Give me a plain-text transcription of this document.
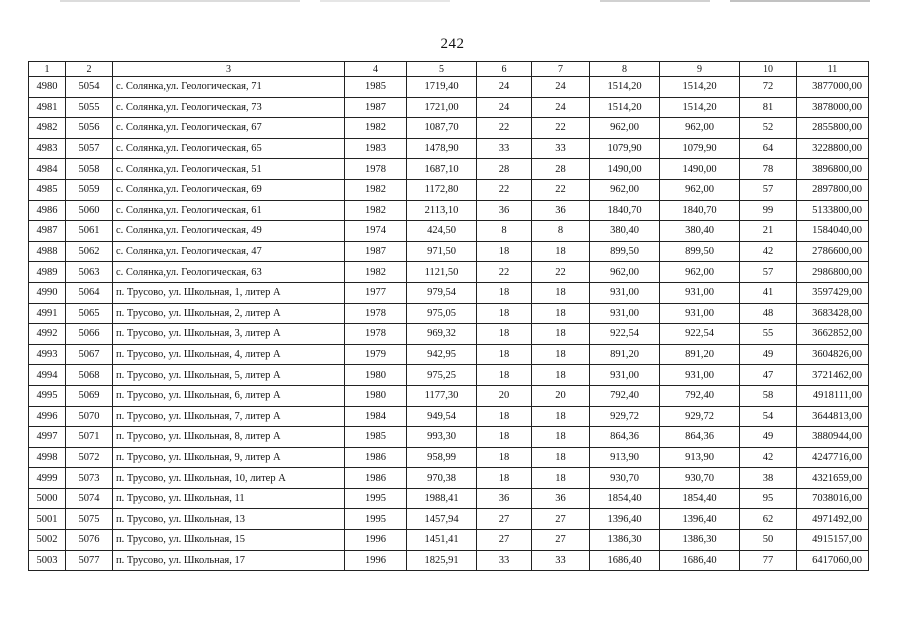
242
1	2	3	4	5	6	7	8	9	10	11
4980	5054	с. Солянка,ул. Геологическая, 71	1985	1719,40	24	24	1514,20	1514,20	72	3877000,00
4981	5055	с. Солянка,ул. Геологическая, 73	1987	1721,00	24	24	1514,20	1514,20	81	3878000,00
4982	5056	с. Солянка,ул. Геологическая, 67	1982	1087,70	22	22	962,00	962,00	52	2855800,00
4983	5057	с. Солянка,ул. Геологическая, 65	1983	1478,90	33	33	1079,90	1079,90	64	3228800,00
4984	5058	с. Солянка,ул. Геологическая, 51	1978	1687,10	28	28	1490,00	1490,00	78	3896800,00
4985	5059	с. Солянка,ул. Геологическая, 69	1982	1172,80	22	22	962,00	962,00	57	2897800,00
4986	5060	с. Солянка,ул. Геологическая, 61	1982	2113,10	36	36	1840,70	1840,70	99	5133800,00
4987	5061	с. Солянка,ул. Геологическая, 49	1974	424,50	8	8	380,40	380,40	21	1584040,00
4988	5062	с. Солянка,ул. Геологическая, 47	1987	971,50	18	18	899,50	899,50	42	2786600,00
4989	5063	с. Солянка,ул. Геологическая, 63	1982	1121,50	22	22	962,00	962,00	57	2986800,00
4990	5064	п. Трусово, ул. Школьная, 1, литер А	1977	979,54	18	18	931,00	931,00	41	3597429,00
4991	5065	п. Трусово, ул. Школьная, 2, литер А	1978	975,05	18	18	931,00	931,00	48	3683428,00
4992	5066	п. Трусово, ул. Школьная, 3, литер А	1978	969,32	18	18	922,54	922,54	55	3662852,00
4993	5067	п. Трусово, ул. Школьная, 4, литер А	1979	942,95	18	18	891,20	891,20	49	3604826,00
4994	5068	п. Трусово, ул. Школьная, 5, литер А	1980	975,25	18	18	931,00	931,00	47	3721462,00
4995	5069	п. Трусово, ул. Школьная, 6, литер А	1980	1177,30	20	20	792,40	792,40	58	4918111,00
4996	5070	п. Трусово, ул. Школьная, 7, литер А	1984	949,54	18	18	929,72	929,72	54	3644813,00
4997	5071	п. Трусово, ул. Школьная, 8, литер А	1985	993,30	18	18	864,36	864,36	49	3880944,00
4998	5072	п. Трусово, ул. Школьная, 9, литер А	1986	958,99	18	18	913,90	913,90	42	4247716,00
4999	5073	п. Трусово, ул. Школьная, 10, литер А	1986	970,38	18	18	930,70	930,70	38	4321659,00
5000	5074	п. Трусово, ул. Школьная, 11	1995	1988,41	36	36	1854,40	1854,40	95	7038016,00
5001	5075	п. Трусово, ул. Школьная, 13	1995	1457,94	27	27	1396,40	1396,40	62	4971492,00
5002	5076	п. Трусово, ул. Школьная, 15	1996	1451,41	27	27	1386,30	1386,30	50	4915157,00
5003	5077	п. Трусово, ул. Школьная, 17	1996	1825,91	33	33	1686,40	1686,40	77	6417060,00
